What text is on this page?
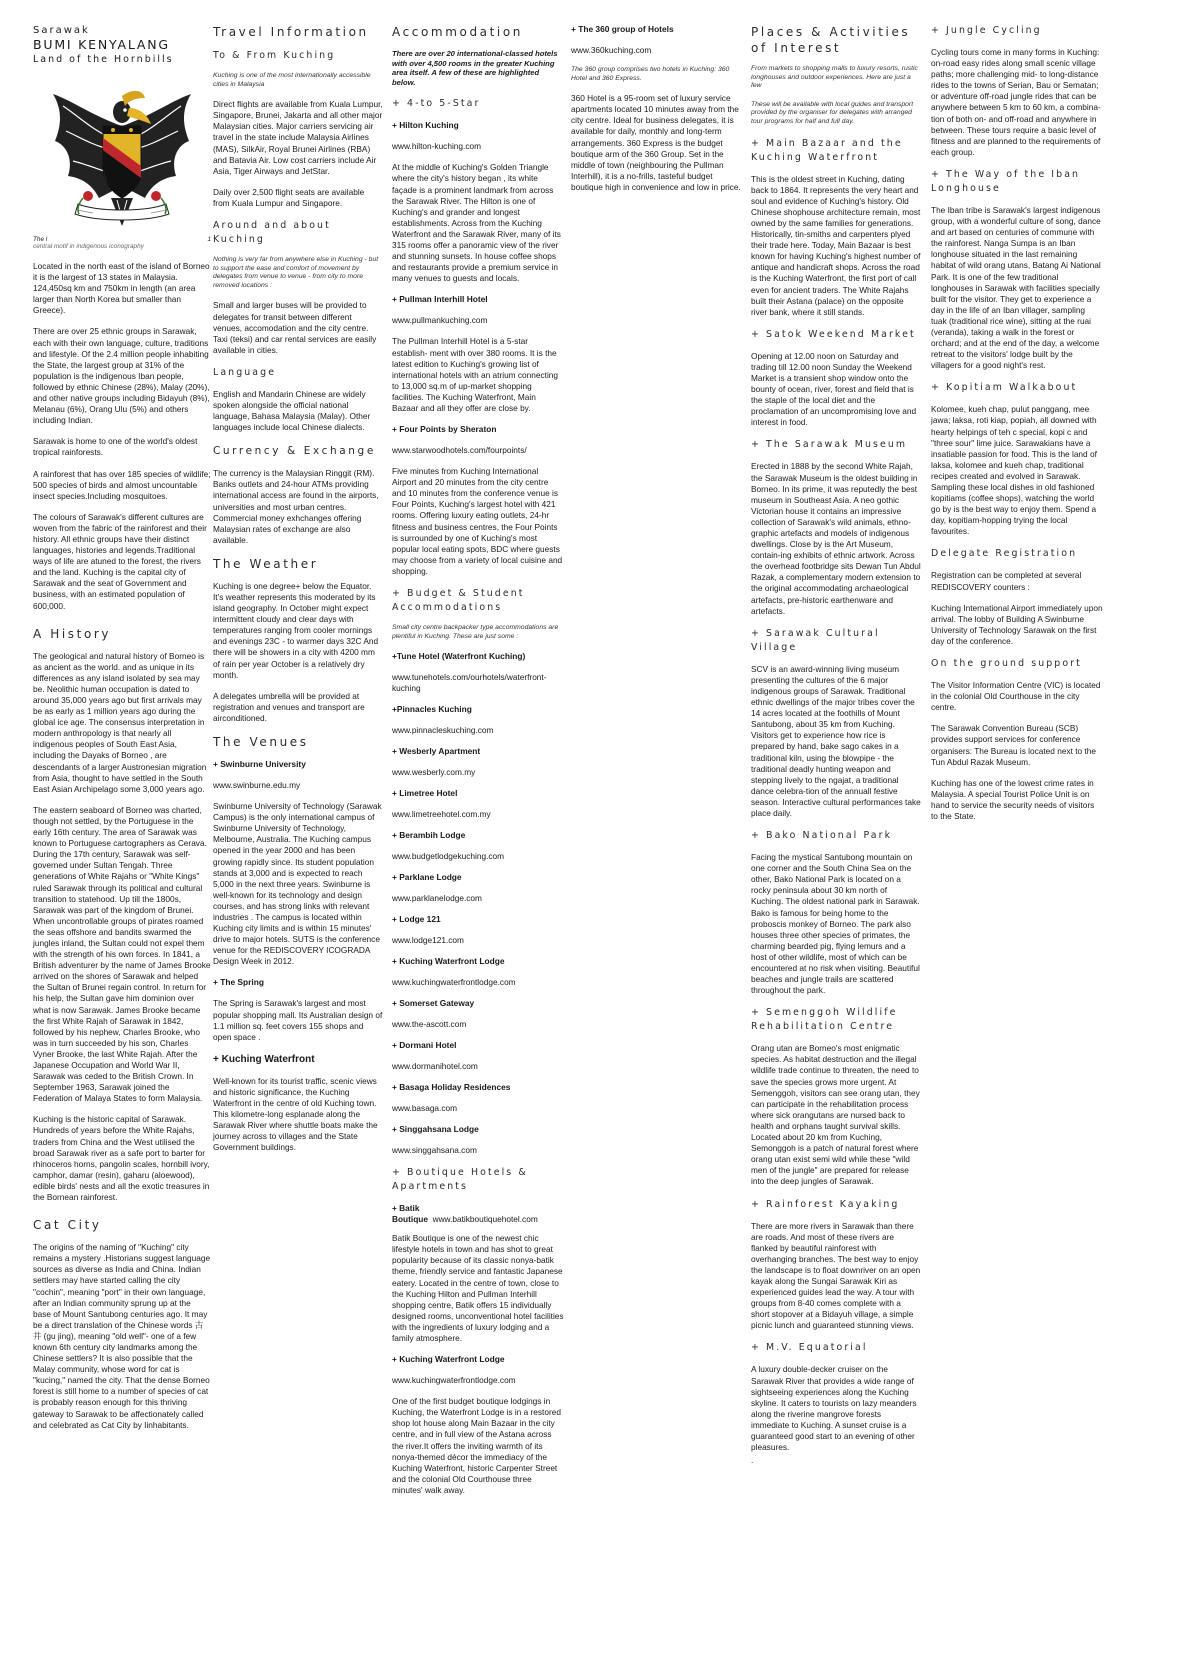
Sarawak
BUMI KENYALANG
Land of the Hornbills
The l
central motif in indigenous iconography
1

Located in the north east of the island of Borneo it is the largest of 13 states in Malaysia. 124,450sq km and 750km in length (an area larger than North Korea but smaller than Greece).

There are over 25 ethnic groups in Sarawak, each with their own language, culture, traditions and lifestyle. Of the 2.4 million people inhabiting the State, the largest group at 31% of the population is the indigenous Iban people, followed by ethnic Chinese (28%), Malay (20%), and other native groups including Bidayuh (8%), Melanau (6%), Orang Ulu (5%) and others including Indian.

Sarawak is home to one of the world's oldest tropical rainforests.

A rainforest that has over 185 species of wildlife; 500 species of birds and almost uncountable insect species.Including mosquitoes.

The colours of Sarawak's different cultures are woven from the fabric of the rainforest and their history. All ethnic groups have their distinct languages, histories and legends.Traditional ways of life are atuned to the forest, the rivers and the land. Kuching is the capital city of Sarawak and the seat of Government and business, with an estimated population of 600,000.

A History

The geological and natural history of Borneo is as ancient as the world. and as unique in its differences as any island isolated by sea may be. Neolithic human occupation is dated to around 35,000 years ago but first arrivals may be as early as 1 million years ago during the global ice age. The consensus interpretation in modern anthropology is that nearly all indigenous peoples of South East Asia, including the Dayaks of Borneo , are descendants of a larger Austronesian migration from Asia, thought to have settled in the South East Asian Archipelago some 3,000 years ago.

The eastern seaboard of Borneo was charted, though not settled, by the Portuguese in the early 16th century. The area of Sarawak was known to Portuguese cartographers as Cerava. During the 17th century, Sarawak was self-governed under Sultan Tengah. Three generations of White Rajahs or "White Kings" ruled Sarawak through its political and cultural transition to statehood. Up till the 1800s, Sarawak was part of the kingdom of Brunei. When uncontrollable groups of pirates roamed the seas offshore and bandits swarmed the jungles inland, the Sultan could not expel them with the strength of his own forces. In 1841, a British adventurer by the name of James Brooke arrived on the shores of Sarawak and helped the Sultan of Brunei regain control. In return for his help, the Sultan gave him dominion over what is now Sarawak. James Brooke became the first White Rajah of Sarawak in 1842, followed by his nephew, Charles Brooke, who was in turn succeeded by his son, Charles Vyner Brooke, the last White Rajah. After the Japanese Occupation and World War II, Sarawak was ceded to the British Crown. In September 1963, Sarawak joined the Federation of Malaya States to form Malaysia.

Kuching is the historic capital of Sarawak. Hundreds of years before the White Rajahs, traders from China and the West utilised the broad Sarawak river as a safe port to barter for rhinoceros horns, pangolin scales, hornbill ivory, camphor, damar (resin), gaharu (aloewood), edible birds' nests and all the exotic treasures in the Bornean rainforest.

Cat City

The origins of the naming of "Kuching" city remains a mystery .Historians suggest language sources as diverse as India and China. Indian settlers may have started calling the city "cochin", meaning "port" in their own language, after an Indian community sprung up at the base of Mount Santubong centuries ago. It may be a direct translation of the Chinese words 古井 (gu jing), meaning "old well"- one of a few known 6th century city landmarks among the Chinese settlers? It is also possible that the Malay community, whose word for cat is "kucing," named the city. That the dense Borneo forest is still home to a number of species of cat is probably reason enough for this thriving gateway to Sarawak to be affectionately called and celebrated as Cat City by Iinhabitants.

Travel Information
To & From Kuching

Kuching is one of the most internationally accessible cities in Malaysia

Direct flights are available from Kuala Lumpur, Singapore, Brunei, Jakarta and all other major Malaysian cities. Major carriers servicing air travel in the state include Malaysia Airlines (MAS), SilkAir, Royal Brunei Airlines (RBA) and Batavia Air. Low cost carriers include Air Asia, Tiger Airways and JetStar.

Daily over 2,500 flight seats are available from Kuala Lumpur and Singapore.

Around and about Kuching

Nothing is very far from anywhere else in Kuching - but to support the ease and comfort of movement by delegates from venue to venue - from city to more removed locations :

Small and larger buses will be provided to delegates for transit between different venues, accomodation and the city centre. Taxi (teksi) and car rental services are easily available in cities.

Language

English and Mandarin Chinese are widely spoken alongside the official national language, Bahasa Malaysia (Malay). Other languages include local Chinese dialects.

Currency & Exchange

The currency is the Malaysian Ringgit (RM). Banks outlets and 24-hour ATMs providing international access are found in the airports, universities and most urban centres. Commercial money exhchanges offering Malaysian rates of exchange are also available.

The Weather

Kuching is one degree+ below the Equator. It's weather represents this moderated by its island geography. In October might expect intermittent cloudy and clear days with temperatures ranging from cooler mornings and evenings 23C - to warmer days 32C And there will be showers in a city with 4200 mm of rain per year October is a relatively dry month.

A delegates umbrella will be provided at registration and venues and transport are airconditioned.

The Venues

+ Swinburne University

www.swinburne.edu.my

Swinburne University of Technology (Sarawak Campus) is the only international campus of Swinburne University of Technology, Melbourne, Australia. The Kuching campus opened in the year 2000 and has been growing rapidly since. Its student population stands at 3,000 and is expected to reach 5,000 in the next three years. Swinburne is well-known for its technology and design courses, and has strong links with relevant industries . The campus is located within Kuching city limits and is within 15 minutes' drive to major hotels. SUTS is the conference venue for the REDISCOVERY ICOGRADA Design Week in 2012.

+ The Spring

The Spring is Sarawak's largest and most popular shopping mall. Its Australian design of 1.1 million sq. feet covers 155 shops and open space .

+ Kuching Waterfront

Well-known for its tourist traffic, scenic views and historic significance, the Kuching Waterfront in the centre of old Kuching town. This kilometre-long esplanade along the Sarawak River where shuttle boats make the journey across to villages and the State Government buildings.

Accommodation

There are over 20 international-classed hotels with over 4,500 rooms in the greater Kuching area itself. A few of these are highlighted below.

+ 4-to 5-Star

+ Hilton Kuching

www.hilton-kuching.com

At the middle of Kuching's Golden Triangle where the city's history began , its white façade is a prominent landmark from across the Sarawak River. The Hilton is one of Kuching's and grander and longest establishments. Across from the Kuching Waterfront and the Sarawak River, many of its 315 rooms offer a panoramic view of the river and stunning sunsets. In house coffee shops and restaurants provide a premium service in many venues to guests and locals.

+ Pullman Interhill Hotel

www.pullmankuching.com

The Pullman Interhill Hotel is a 5-star establish- ment with over 380 rooms. It is the latest edition to Kuching's growing list of international hotels with an atrium connecting to 13,000 sq.m of up-market shopping facilities. The Kuching Waterfront, Main Bazaar and all they offer are close by.

+ Four Points by Sheraton

www.starwoodhotels.com/fourpoints/

Five minutes from Kuching International Airport and 20 minutes from the city centre and 10 minutes from the conference venue is Four Points, Kuching's largest hotel with 421 rooms. Offering luxury eating outlets, 24-hr fitness and business centres, the Four Points is surrounded by one of Kuching's most popular local eating spots, BDC where guests may choose from a variety of local cuisine and shopping.

+ Budget & Student Accommodations

Small city centre backpacker type accommodations are plentiful in Kuching. These are just some :

+Tune Hotel (Waterfront Kuching)

www.tunehotels.com/ourhotels/waterfront-kuching

+Pinnacles Kuching

www.pinnacleskuching.com

+ Wesberly Apartment

www.wesberly.com.my

+ Limetree Hotel

www.limetreehotel.com.my

+ Berambih Lodge

www.budgetlodgekuching.com

+ Parklane Lodge

www.parklanelodge.com

+ Lodge 121

www.lodge121.com

+ Kuching Waterfront Lodge

www.kuchingwaterfrontlodge.com

+ Somerset Gateway

www.the-ascott.com

+ Dormani Hotel

www.dormanihotel.com

+ Basaga Holiday Residences

www.basaga.com

+ Singgahsana Lodge

www.singgahsana.com

+ Boutique Hotels & Apartments

+ Batik Boutique www.batikboutiquehotel.com

Batik Boutique is one of the newest chic lifestyle hotels in town and has shot to great popularity because of its classic nonya-batik theme, friendly service and fantastic Japanese eatery. Located in the centre of town, close to the Kuching Hilton and Pullman Interhill shopping centre, Batik offers 15 individually designed rooms, unconventional hotel facilities with the ingredients of luxury lodging and a family atmosphere.

+ Kuching Waterfront Lodge

www.kuchingwaterfrontlodge.com

One of the first budget boutique lodgings in Kuching, the Waterfront Lodge is in a restored shop lot house along Main Bazaar in the city centre, and in full view of the Astana across the river.It offers the inviting warmth of its nonya-themed décor the immediacy of the Kuching Waterfront, historic Carpenter Street and the colonial Old Courthouse three minutes' walk away.

+ The 360 group of Hotels

www.360kuching.com

The 360 group comprises two hotels in Kuching: 360 Hotel and 360 Express.

360 Hotel is a 95-room set of luxury service apartments located 10 minutes away from the city centre. Ideal for business delegates, it is available for daily, monthly and long-term arrangements. 360 Express is the budget boutique arm of the 360 Group. Set in the middle of town (neighbouring the Pullman Interhill), it is a no-frills, tasteful budget boutique high in convenience and low in price.

Places & Activities of Interest

From markets to shopping malls to luxury resorts, rustic longhouses and outdoor experiences. Here are just a few

These will be available with local guides and transport provided by the organiser for delegates with arranged tour programs for half and full day.

+ Main Bazaar and the Kuching Waterfront

This is the oldest street in Kuching, dating back to 1864. It represents the very heart and soul and evidence of Kuching's history. Old Chinese shophouse architecture remain, most owned by the same families for generations. Historically, tin-smiths and carpenters plyed their trade here. Today, Main Bazaar is best known for having Kuching's highest number of antique and handicraft shops. Across the road is the Kuching Waterfront, the first port of call even for ancient traders. The White Rajahs built their Astana (palace) on the opposite river bank, where it still stands.

+ Satok Weekend Market

Opening at 12.00 noon on Saturday and trading till 12.00 noon Sunday the Weekend Market is a transient shop window onto the bounty of ocean, river, forest and field that is the staple of the local diet and the proclamation of an uncompromising love and interest in food.

+ The Sarawak Museum

Erected in 1888 by the second White Rajah, the Sarawak Museum is the oldest building in Borneo. In its prime, it was reputedly the best museum in Southeast Asia. A neo gothic Victorian house it contains an impressive collection of Sarawak's wild animals, ethno-graphic artefacts and models of indigenous dwellings. Close by is the Art Museum, contain-ing exhibits of ethnic artwork. Across the overhead footbridge sits Dewan Tun Abdul Razak, a complementary modern extension to the original accommodating archaeological artefacts, pre-historic earthenware and artefacts.

+ Sarawak Cultural Village

SCV is an award-winning living museum presenting the cultures of the 6 major indigenous groups of Sarawak. Traditional ethnic dwellings of the major tribes cover the 14 acres located at the foothills of Mount Santubong, about 35 km from Kuching. Visitors get to experience how rice is prepared by hand, bake sago cakes in a traditional kiln, using the blowpipe - the traditional deadly hunting weapon and stepping lively to the ngajat, a traditional dance celebra-tion of the annuall festive season. Interactive cultural performances take place daily.

+ Bako National Park

Facing the mystical Santubong mountain on one corner and the South China Sea on the other, Bako National Park is located on a rocky peninsula about 30 km north of Kuching. The oldest national park in Sarawak. Bako is famous for being home to the proboscis monkey of Borneo. The park also houses three other species of primates, the charming bearded pig, flying lemurs and a host of other wildlife, most of which can be encountered at no risk when visiting. Beautiful beaches and jungle trails are scattered throughout the park.

+ Semenggoh Wildlife Rehabilitation Centre

Orang utan are Borneo's most enigmatic species. As habitat destruction and the illegal wildlife trade continue to threaten, the need to save the species grows more urgent. At Semenggoh, visitors can see orang utan, they can participate in the rehabilitation process where sick orangutans are nursed back to health and orphans taught survival skills. Located about 20 km from Kuching, Semonggoh is a patch of natural forest where orang utan exist semi wild while these "wild men of the jungle" are prepared for release into the deep jungles of Sarawak.

+ Rainforest Kayaking

There are more rivers in Sarawak than there are roads. And most of these rivers are flanked by beautiful rainforest with overhanging branches. The best way to enjoy the landscape is to float downriver on an open kayak along the Sungai Sarawak Kiri as experienced guides lead the way. A tour with groups from 8-40 comes complete with a short stopover at a Bidayuh village, a simple picnic lunch and guaranteed stunning views.

+ M.V. Equatorial

A luxury double-decker cruiser on the Sarawak River that provides a wide range of sightseeing experiences along the Kuching skyline. It caters to tourists on lazy meanders along the riverine mangrove forests immediate to Kuching. A sunset cruise is a guaranteed good start to an evening of other pleasures.

.

+ Jungle Cycling

Cycling tours come in many forms in Kuching: on-road easy rides along small scenic village paths; more challenging mid- to long-distance rides to the towns of Serian, Bau or Sematan; or adventure off-road jungle rides that can be anywhere between 5 km to 60 km, a combina-tion of both on- and off-road and anywhere in between. These tours require a basic level of fitness and are planned to the requirements of each group.

+ The Way of the Iban Longhouse

The Iban tribe is Sarawak's largest indigenous group, with a wonderful culture of song, dance and art based on centuries of commune with the rainforest. Nanga Sumpa is an Iban longhouse situated in the last remaining habitat of wild orang utans, Batang Ai National Park. It is one of the few traditional longhouses in Sarawak with facilities specially built for the visitor. They get to experience a day in the life of an Iban villager, sampling tuak (traditional rice wine), sitting at the ruai (veranda), taking a walk in the forest or orchard; and at the end of the day, a welcome retreat to the visitors' lodge built by the villagers for a good night's rest.

+ Kopitiam Walkabout

Kolomee, kueh chap, pulut panggang, mee jawa; laksa, roti kiap, popiah, all downed with hearty helpings of teh c special, kopi c and "three sour" lime juice. Sarawakians have a insatiable passion for food. This is the land of laksa, kolomee and kueh chap, traditional recipes created and evolved in Sarawak. Sampling these local dishes in old fashioned kopitiams (coffee shops), watching the world go by is the best way to enjoy them. Spend a day, kopitiam-hopping trying the local favourites.

Delegate Registration

Registration can be completed at several REDISCOVERY counters :

Kuching International Airport immediately upon arrival. The lobby of Building A Swinburne University of Technology Sarawak on the first day of the conference.

On the ground support

The Visitor Information Centre (VIC) is located in the colonial Old Courthouse in the city centre.

The Sarawak Convention Bureau (SCB) provides support services for conference organisers: The Bureau is located next to the Tun Abdul Razak Museum.

Kuching has one of the lowest crime rates in Malaysia. A special Tourist Police Unit is on hand to service the security needs of visitors to the State.
